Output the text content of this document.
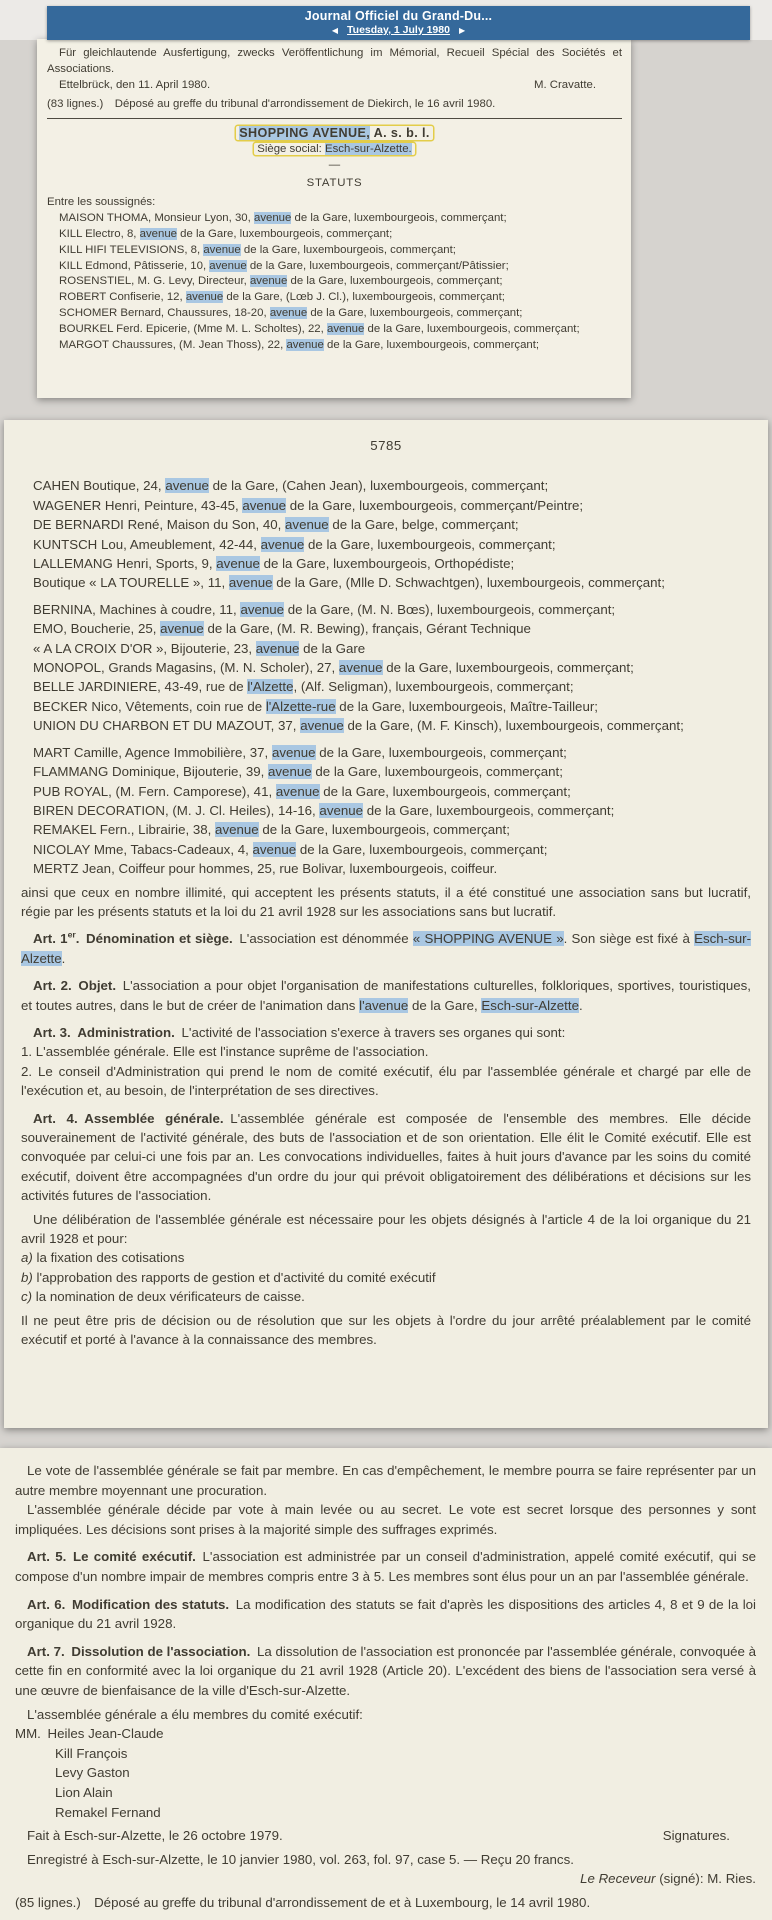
Journal Officiel du Grand-Du...
◀ Tuesday, 1 July 1980 ▶
Für gleichlautende Ausfertigung, zwecks Veröffentlichung im Mémorial, Recueil Spécial des Sociétés et Associations.
Ettelbrück, den 11. April 1980.	M. Cravatte.
(83 lignes.) Déposé au greffe du tribunal d'arrondissement de Diekirch, le 16 avril 1980.
SHOPPING AVENUE, A. s. b. l.
Siège social: Esch-sur-Alzette.
—
STATUTS
Entre les soussignés:
MAISON THOMA, Monsieur Lyon, 30, avenue de la Gare, luxembourgeois, commerçant;
KILL Electro, 8, avenue de la Gare, luxembourgeois, commerçant;
KILL HIFI TELEVISIONS, 8, avenue de la Gare, luxembourgeois, commerçant;
KILL Edmond, Pâtisserie, 10, avenue de la Gare, luxembourgeois, commerçant/Pâtissier;
ROSENSTIEL, M. G. Levy, Directeur, avenue de la Gare, luxembourgeois, commerçant;
ROBERT Confiserie, 12, avenue de la Gare, (Lœb J. Cl.), luxembourgeois, commerçant;
SCHOMER Bernard, Chaussures, 18-20, avenue de la Gare, luxembourgeois, commerçant;
BOURKEL Ferd. Epicerie, (Mme M. L. Scholtes), 22, avenue de la Gare, luxembourgeois, commerçant;
MARGOT Chaussures, (M. Jean Thoss), 22, avenue de la Gare, luxembourgeois, commerçant;
5785
CAHEN Boutique, 24, avenue de la Gare, (Cahen Jean), luxembourgeois, commerçant;
WAGENER Henri, Peinture, 43-45, avenue de la Gare, luxembourgeois, commerçant/Peintre;
DE BERNARDI René, Maison du Son, 40, avenue de la Gare, belge, commerçant;
KUNTSCH Lou, Ameublement, 42-44, avenue de la Gare, luxembourgeois, commerçant;
LALLEMANG Henri, Sports, 9, avenue de la Gare, luxembourgeois, Orthopédiste;
Boutique « LA TOURELLE », 11, avenue de la Gare, (Mlle D. Schwachtgen), luxembourgeois, commerçant;
BERNINA, Machines à coudre, 11, avenue de la Gare, (M. N. Bœs), luxembourgeois, commerçant;
EMO, Boucherie, 25, avenue de la Gare, (M. R. Bewing), français, Gérant Technique
« A LA CROIX D'OR », Bijouterie, 23, avenue de la Gare
MONOPOL, Grands Magasins, (M. N. Scholer), 27, avenue de la Gare, luxembourgeois, commerçant;
BELLE JARDINIERE, 43-49, rue de l'Alzette, (Alf. Seligman), luxembourgeois, commerçant;
BECKER Nico, Vêtements, coin rue de l'Alzette-rue de la Gare, luxembourgeois, Maître-Tailleur;
UNION DU CHARBON ET DU MAZOUT, 37, avenue de la Gare, (M. F. Kinsch), luxembourgeois, commerçant;
MART Camille, Agence Immobilière, 37, avenue de la Gare, luxembourgeois, commerçant;
FLAMMANG Dominique, Bijouterie, 39, avenue de la Gare, luxembourgeois, commerçant;
PUB ROYAL, (M. Fern. Camporese), 41, avenue de la Gare, luxembourgeois, commerçant;
BIREN DECORATION, (M. J. Cl. Heiles), 14-16, avenue de la Gare, luxembourgeois, commerçant;
REMAKEL Fern., Librairie, 38, avenue de la Gare, luxembourgeois, commerçant;
NICOLAY Mme, Tabacs-Cadeaux, 4, avenue de la Gare, luxembourgeois, commerçant;
MERTZ Jean, Coiffeur pour hommes, 25, rue Bolivar, luxembourgeois, coiffeur.
ainsi que ceux en nombre illimité, qui acceptent les présents statuts, il a été constitué une association sans but lucratif, régie par les présents statuts et la loi du 21 avril 1928 sur les associations sans but lucratif.
Art. 1er. Dénomination et siège. L'association est dénommée « SHOPPING AVENUE ». Son siège est fixé à Esch-sur-Alzette.
Art. 2. Objet. L'association a pour objet l'organisation de manifestations culturelles, folkloriques, sportives, touristiques, et toutes autres, dans le but de créer de l'animation dans l'avenue de la Gare, Esch-sur-Alzette.
Art. 3. Administration. L'activité de l'association s'exerce à travers ses organes qui sont:
1. L'assemblée générale. Elle est l'instance suprême de l'association.
2. Le conseil d'Administration qui prend le nom de comité exécutif, élu par l'assemblée générale et chargé par elle de l'exécution et, au besoin, de l'interprétation de ses directives.
Art. 4. Assemblée générale. L'assemblée générale est composée de l'ensemble des membres. Elle décide souverainement de l'activité générale, des buts de l'association et de son orientation. Elle élit le Comité exécutif. Elle est convoquée par celui-ci une fois par an. Les convocations individuelles, faites à huit jours d'avance par les soins du comité exécutif, doivent être accompagnées d'un ordre du jour qui prévoit obligatoirement des délibérations et décisions sur les activités futures de l'association.
Une délibération de l'assemblée générale est nécessaire pour les objets désignés à l'article 4 de la loi organique du 21 avril 1928 et pour:
a) la fixation des cotisations
b) l'approbation des rapports de gestion et d'activité du comité exécutif
c) la nomination de deux vérificateurs de caisse.
Il ne peut être pris de décision ou de résolution que sur les objets à l'ordre du jour arrêté préalablement par le comité exécutif et porté à l'avance à la connaissance des membres.
Le vote de l'assemblée générale se fait par membre. En cas d'empêchement, le membre pourra se faire représenter par un autre membre moyennant une procuration.
L'assemblée générale décide par vote à main levée ou au secret. Le vote est secret lorsque des personnes y sont impliquées. Les décisions sont prises à la majorité simple des suffrages exprimés.
Art. 5. Le comité exécutif. L'association est administrée par un conseil d'administration, appelé comité exécutif, qui se compose d'un nombre impair de membres compris entre 3 à 5. Les membres sont élus pour un an par l'assemblée générale.
Art. 6. Modification des statuts. La modification des statuts se fait d'après les dispositions des articles 4, 8 et 9 de la loi organique du 21 avril 1928.
Art. 7. Dissolution de l'association. La dissolution de l'association est prononcée par l'assemblée générale, convoquée à cette fin en conformité avec la loi organique du 21 avril 1928 (Article 20). L'excédent des biens de l'association sera versé à une œuvre de bienfaisance de la ville d'Esch-sur-Alzette.
L'assemblée générale a élu membres du comité exécutif:
MM. Heiles Jean-Claude
Kill François
Levy Gaston
Lion Alain
Remakel Fernand
Fait à Esch-sur-Alzette, le 26 octobre 1979.	Signatures.
Enregistré à Esch-sur-Alzette, le 10 janvier 1980, vol. 263, fol. 97, case 5. — Reçu 20 francs.
Le Receveur (signé): M. Ries.
(85 lignes.) Déposé au greffe du tribunal d'arrondissement de et à Luxembourg, le 14 avril 1980.
